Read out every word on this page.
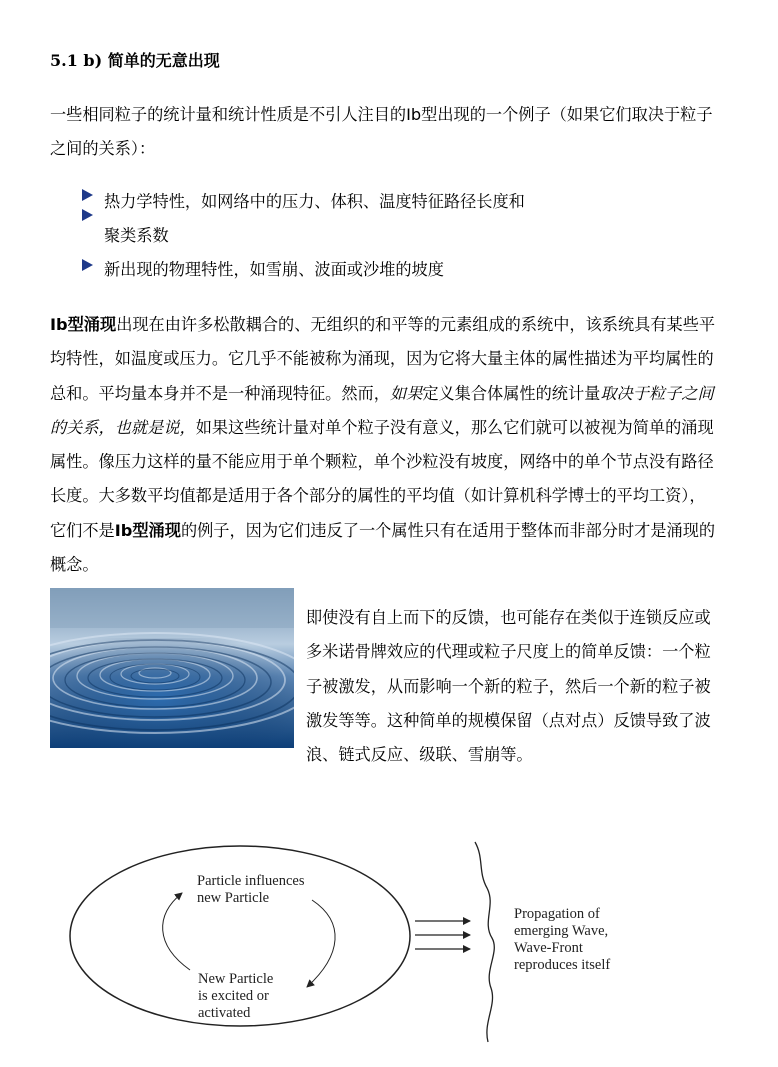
5.1 b) 简单的无意出现

一些相同粒子的统计量和统计性质是不引人注目的Ib型出现的一个例子（如果它们取决于粒子之间的关系）：

热力学特性，如网络中的压力、体积、温度特征路径长度和
聚类系数
新出现的物理特性，如雪崩、波面或沙堆的坡度

Ib型涌现出现在由许多松散耦合的、无组织的和平等的元素组成的系统中，该系统具有某些平均特性，如温度或压力。它几乎不能被称为涌现，因为它将大量主体的属性描述为平均属性的总和。平均量本身并不是一种涌现特征。然而，如果定义集合体属性的统计量取决于粒子之间的关系，也就是说，如果这些统计量对单个粒子没有意义，那么它们就可以被视为简单的涌现属性。像压力这样的量不能应用于单个颗粒，单个沙粒没有坡度，网络中的单个节点没有路径长度。大多数平均值都是适用于各个部分的属性的平均值（如计算机科学博士的平均工资），它们不是Ib型涌现的例子，因为它们违反了一个属性只有在适用于整体而非部分时才是涌现的概念。

即使没有自上而下的反馈，也可能存在类似于连锁反应或多米诺骨牌效应的代理或粒子尺度上的简单反馈：一个粒子被激发，从而影响一个新的粒子，然后一个新的粒子被激发等等。这种简单的规模保留（点对点）反馈导致了波浪、链式反应、级联、雪崩等。

Particle influences new Particle
New Particle is excited or activated
Propagation of emerging Wave, Wave-Front reproduces itself
